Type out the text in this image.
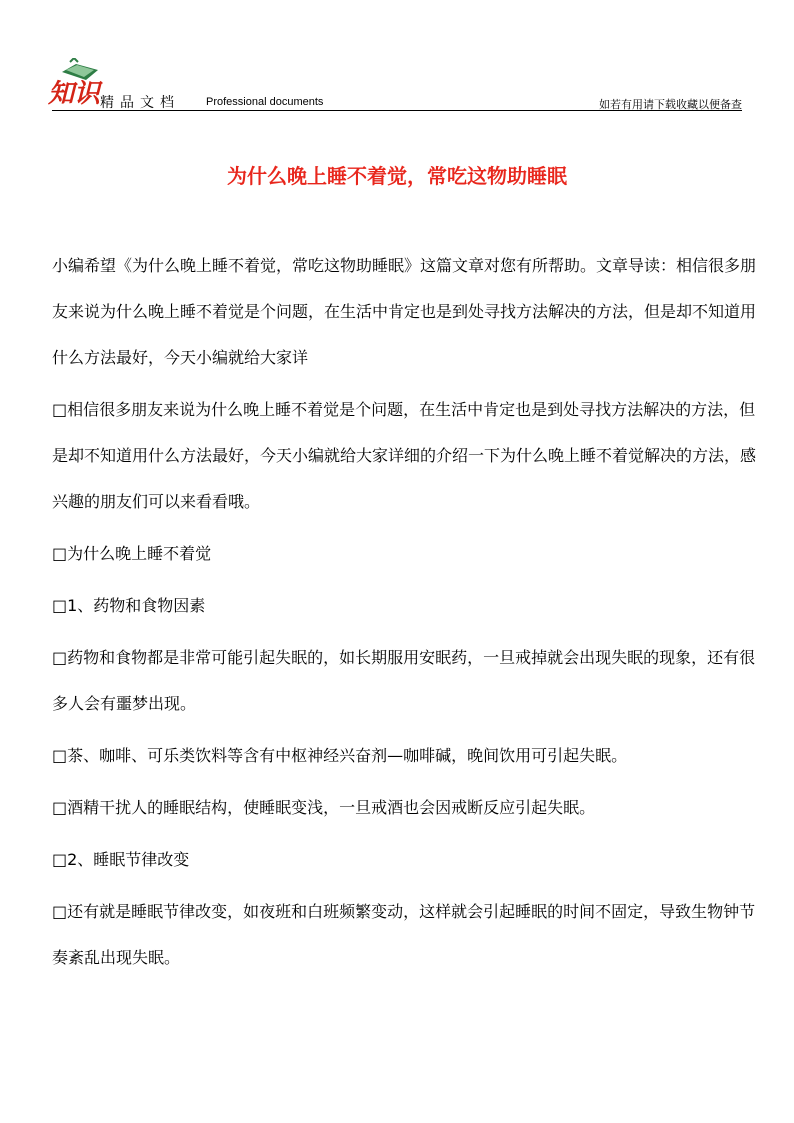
知识 精品文档 Professional documents	如若有用请下载收藏以便备查
为什么晚上睡不着觉，常吃这物助睡眠

小编希望《为什么晚上睡不着觉，常吃这物助睡眠》这篇文章对您有所帮助。文章导读：相信很多朋友来说为什么晚上睡不着觉是个问题，在生活中肯定也是到处寻找方法解决的方法，但是却不知道用什么方法最好，今天小编就给大家详

□相信很多朋友来说为什么晚上睡不着觉是个问题，在生活中肯定也是到处寻找方法解决的方法，但是却不知道用什么方法最好，今天小编就给大家详细的介绍一下为什么晚上睡不着觉解决的方法，感兴趣的朋友们可以来看看哦。

□为什么晚上睡不着觉

□1、药物和食物因素

□药物和食物都是非常可能引起失眠的，如长期服用安眠药，一旦戒掉就会出现失眠的现象，还有很多人会有噩梦出现。

□茶、咖啡、可乐类饮料等含有中枢神经兴奋剂—咖啡碱，晚间饮用可引起失眠。

□酒精干扰人的睡眠结构，使睡眠变浅，一旦戒酒也会因戒断反应引起失眠。

□2、睡眠节律改变

□还有就是睡眠节律改变，如夜班和白班频繁变动，这样就会引起睡眠的时间不固定，导致生物钟节奏紊乱出现失眠。
